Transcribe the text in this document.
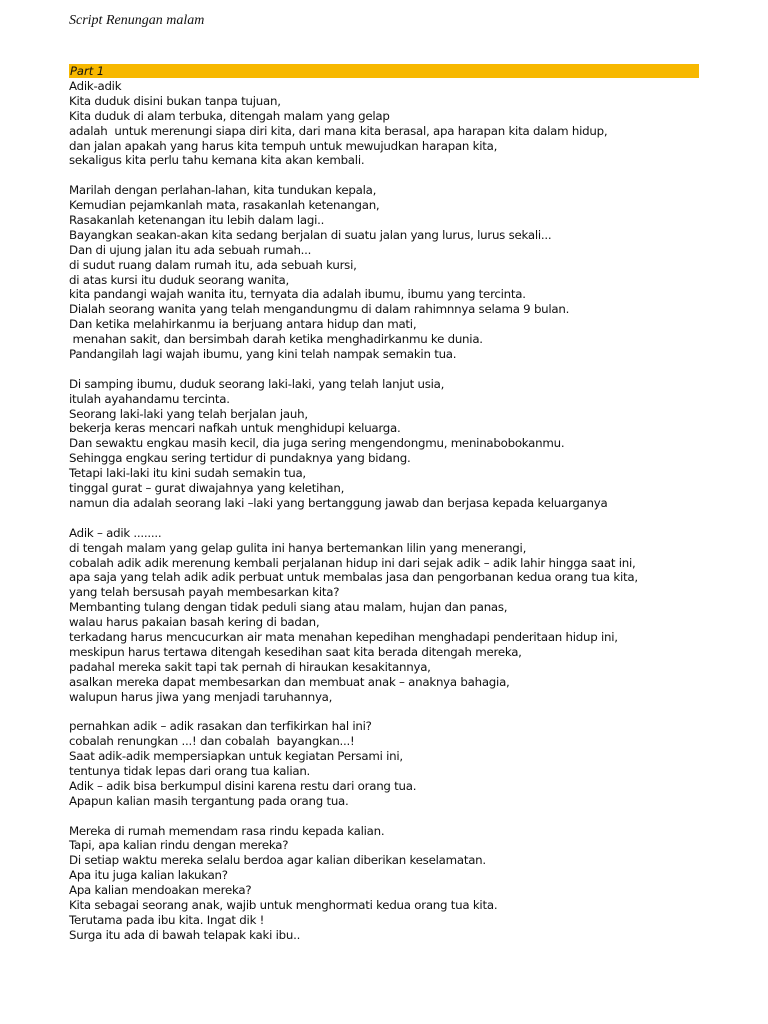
Script Renungan malam
Part 1
Adik-adik
Kita duduk disini bukan tanpa tujuan,
Kita duduk di alam terbuka, ditengah malam yang gelap
adalah  untuk merenungi siapa diri kita, dari mana kita berasal, apa harapan kita dalam hidup,
dan jalan apakah yang harus kita tempuh untuk mewujudkan harapan kita,
sekaligus kita perlu tahu kemana kita akan kembali.
Marilah dengan perlahan-lahan, kita tundukan kepala,
Kemudian pejamkanlah mata, rasakanlah ketenangan,
Rasakanlah ketenangan itu lebih dalam lagi..
Bayangkan seakan-akan kita sedang berjalan di suatu jalan yang lurus, lurus sekali...
Dan di ujung jalan itu ada sebuah rumah...
di sudut ruang dalam rumah itu, ada sebuah kursi,
di atas kursi itu duduk seorang wanita,
kita pandangi wajah wanita itu, ternyata dia adalah ibumu, ibumu yang tercinta.
Dialah seorang wanita yang telah mengandungmu di dalam rahimnnya selama 9 bulan.
Dan ketika melahirkanmu ia berjuang antara hidup dan mati,
menahan sakit, dan bersimbah darah ketika menghadirkanmu ke dunia.
Pandangilah lagi wajah ibumu, yang kini telah nampak semakin tua.
Di samping ibumu, duduk seorang laki-laki, yang telah lanjut usia,
itulah ayahandamu tercinta.
Seorang laki-laki yang telah berjalan jauh,
bekerja keras mencari nafkah untuk menghidupi keluarga.
Dan sewaktu engkau masih kecil, dia juga sering mengendongmu, meninabobokanmu.
Sehingga engkau sering tertidur di pundaknya yang bidang.
Tetapi laki-laki itu kini sudah semakin tua,
tinggal gurat – gurat diwajahnya yang keletihan,
namun dia adalah seorang laki –laki yang bertanggung jawab dan berjasa kepada keluarganya
Adik – adik ........
di tengah malam yang gelap gulita ini hanya bertemankan lilin yang menerangi,
cobalah adik adik merenung kembali perjalanan hidup ini dari sejak adik – adik lahir hingga saat ini,
apa saja yang telah adik adik perbuat untuk membalas jasa dan pengorbanan kedua orang tua kita,
yang telah bersusah payah membesarkan kita?
Membanting tulang dengan tidak peduli siang atau malam, hujan dan panas,
walau harus pakaian basah kering di badan,
terkadang harus mencucurkan air mata menahan kepedihan menghadapi penderitaan hidup ini,
meskipun harus tertawa ditengah kesedihan saat kita berada ditengah mereka,
padahal mereka sakit tapi tak pernah di hiraukan kesakitannya,
asalkan mereka dapat membesarkan dan membuat anak – anaknya bahagia,
walupun harus jiwa yang menjadi taruhannya,
pernahkan adik – adik rasakan dan terfikirkan hal ini?
cobalah renungkan ...! dan cobalah  bayangkan...!
Saat adik-adik mempersiapkan untuk kegiatan Persami ini,
tentunya tidak lepas dari orang tua kalian.
Adik – adik bisa berkumpul disini karena restu dari orang tua.
Apapun kalian masih tergantung pada orang tua.
Mereka di rumah memendam rasa rindu kepada kalian.
Tapi, apa kalian rindu dengan mereka?
Di setiap waktu mereka selalu berdoa agar kalian diberikan keselamatan.
Apa itu juga kalian lakukan?
Apa kalian mendoakan mereka?
Kita sebagai seorang anak, wajib untuk menghormati kedua orang tua kita.
Terutama pada ibu kita. Ingat dik !
Surga itu ada di bawah telapak kaki ibu..
